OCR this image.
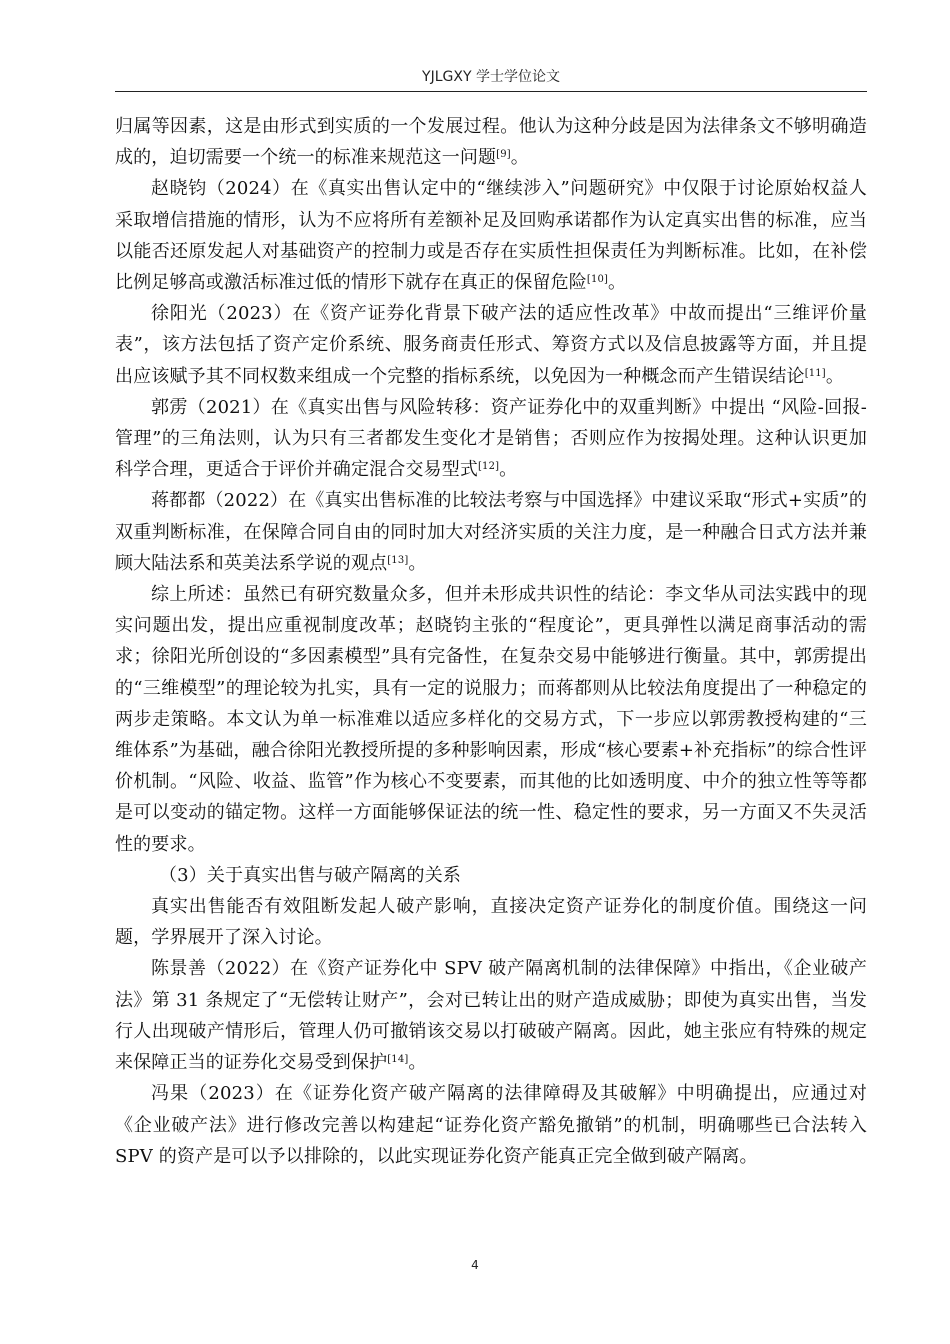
YJLGXY 学士学位论文

归属等因素，这是由形式到实质的一个发展过程。他认为这种分歧是因为法律条文不够明确造成的，迫切需要一个统一的标准来规范这一问题[9]。

赵晓钧（2024）在《真实出售认定中的“继续涉入”问题研究》中仅限于讨论原始权益人采取增信措施的情形，认为不应将所有差额补足及回购承诺都作为认定真实出售的标准，应当以能否还原发起人对基础资产的控制力或是否存在实质性担保责任为判断标准。比如，在补偿比例足够高或激活标准过低的情形下就存在真正的保留危险[10]。

徐阳光（2023）在《资产证券化背景下破产法的适应性改革》中故而提出“三维评价量表”，该方法包括了资产定价系统、服务商责任形式、筹资方式以及信息披露等方面，并且提出应该赋予其不同权数来组成一个完整的指标系统，以免因为一种概念而产生错误结论[11]。

郭雳（2021）在《真实出售与风险转移：资产证券化中的双重判断》中提出 “风险-回报-管理”的三角法则，认为只有三者都发生变化才是销售；否则应作为按揭处理。这种认识更加科学合理，更适合于评价并确定混合交易型式[12]。

蒋都都（2022）在《真实出售标准的比较法考察与中国选择》中建议采取“形式+实质”的双重判断标准，在保障合同自由的同时加大对经济实质的关注力度，是一种融合日式方法并兼顾大陆法系和英美法系学说的观点[13]。

综上所述：虽然已有研究数量众多，但并未形成共识性的结论：李文华从司法实践中的现实问题出发，提出应重视制度改革；赵晓钧主张的“程度论”，更具弹性以满足商事活动的需求；徐阳光所创设的“多因素模型”具有完备性，在复杂交易中能够进行衡量。其中，郭雳提出的“三维模型”的理论较为扎实，具有一定的说服力；而蒋都则从比较法角度提出了一种稳定的两步走策略。本文认为单一标准难以适应多样化的交易方式，下一步应以郭雳教授构建的“三维体系”为基础，融合徐阳光教授所提的多种影响因素，形成“核心要素+补充指标”的综合性评价机制。“风险、收益、监管”作为核心不变要素，而其他的比如透明度、中介的独立性等等都是可以变动的锚定物。这样一方面能够保证法的统一性、稳定性的要求，另一方面又不失灵活性的要求。

（3）关于真实出售与破产隔离的关系

真实出售能否有效阻断发起人破产影响，直接决定资产证券化的制度价值。围绕这一问题，学界展开了深入讨论。

陈景善（2022）在《资产证券化中 SPV 破产隔离机制的法律保障》中指出，《企业破产法》第 31 条规定了“无偿转让财产”，会对已转让出的财产造成威胁；即使为真实出售，当发行人出现破产情形后，管理人仍可撤销该交易以打破破产隔离。因此，她主张应有特殊的规定来保障正当的证券化交易受到保护[14]。

冯果（2023）在《证券化资产破产隔离的法律障碍及其破解》中明确提出，应通过对《企业破产法》进行修改完善以构建起“证券化资产豁免撤销”的机制，明确哪些已合法转入 SPV 的资产是可以予以排除的，以此实现证券化资产能真正完全做到破产隔离。

4
